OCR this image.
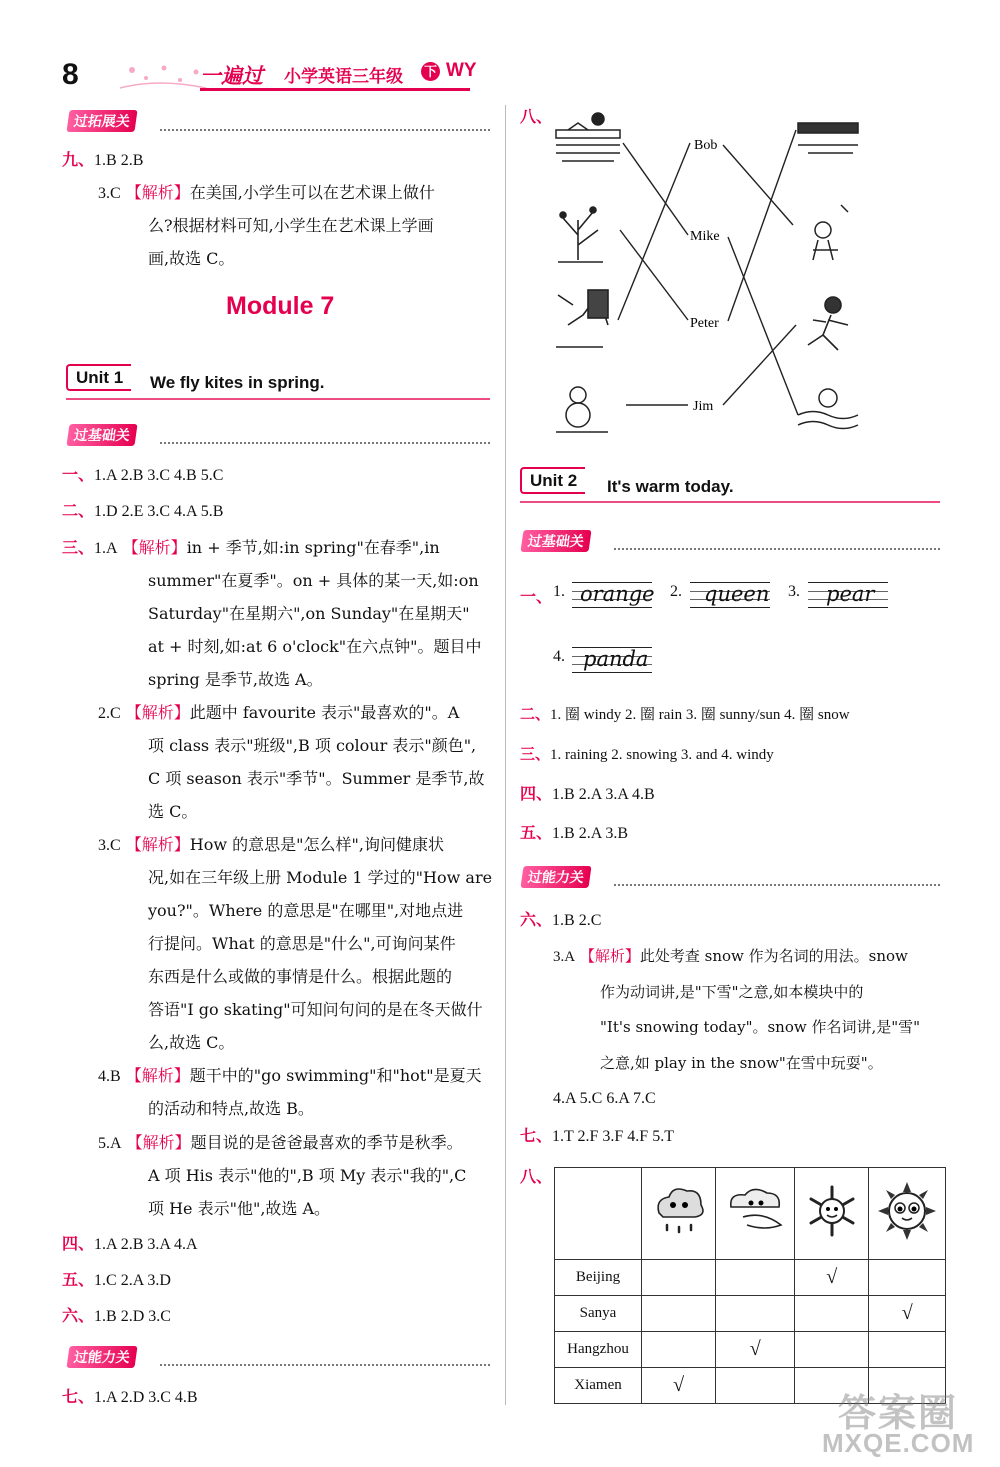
8	一遍过 小学英语三年级 下 WY
过拓展关
九、1.B 2.B
3.C 【解析】在美国,小学生可以在艺术课上做什
么?根据材料可知,小学生在艺术课上学画
画,故选 C。
Module 7
Unit 1	We fly kites in spring.
过基础关
一、1.A 2.B 3.C 4.B 5.C
二、1.D 2.E 3.C 4.A 5.B
三、1.A 【解析】in + 季节,如:in spring"在春季",in
summer"在夏季"。on + 具体的某一天,如:on
Saturday"在星期六",on Sunday"在星期天"
at + 时刻,如:at 6 o'clock"在六点钟"。题目中
spring 是季节,故选 A。
2.C 【解析】此题中 favourite 表示"最喜欢的"。A
项 class 表示"班级",B 项 colour 表示"颜色",
C 项 season 表示"季节"。Summer 是季节,故
选 C。
3.C 【解析】How 的意思是"怎么样",询问健康状
况,如在三年级上册 Module 1 学过的"How are
you?"。Where 的意思是"在哪里",对地点进
行提问。What 的意思是"什么",可询问某件
东西是什么或做的事情是什么。根据此题的
答语"I go skating"可知问句问的是在冬天做什
么,故选 C。
4.B 【解析】题干中的"go swimming"和"hot"是夏天
的活动和特点,故选 B。
5.A 【解析】题目说的是爸爸最喜欢的季节是秋季。
A 项 His 表示"他的",B 项 My 表示"我的",C
项 He 表示"他",故选 A。
四、1.A 2.B 3.A 4.A
五、1.C 2.A 3.D
六、1.B 2.D 3.C
过能力关
七、1.A 2.D 3.C 4.B
八、
Bob
Mike
Peter
Jim
Unit 2	It's warm today.
过基础关
一、 1. orange 2. queen 3. pear
4. panda
二、1. 圈 windy 2. 圈 rain 3. 圈 sunny/sun 4. 圈 snow
三、1. raining 2. snowing 3. and 4. windy
四、1.B 2.A 3.A 4.B
五、1.B 2.A 3.B
过能力关
六、1.B 2.C
3.A 【解析】此处考查 snow 作为名词的用法。snow
作为动词讲,是"下雪"之意,如本模块中的
"It's snowing today"。snow 作名词讲,是"雪"
之意,如 play in the snow"在雪中玩耍"。
4.A 5.C 6.A 7.C
七、1.T 2.F 3.F 4.F 5.T
八、

Beijing			√	
Sanya				√
Hangzhou		√		
Xiamen	√			
答案圈
MXQE.COM
